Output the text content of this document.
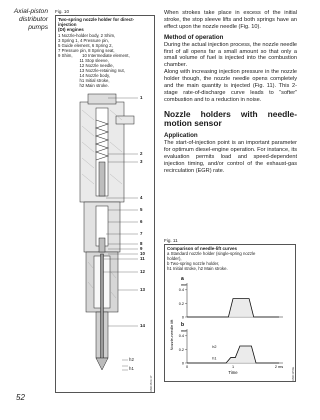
Axial-piston
distributor
pumps
Fig. 10
Two-spring nozzle holder for direct-injection
(DI) engines
1 Nozzle-holder body, 2 Shim,
3 Spring 1, 4 Pressure pin,
5 Guide element, 6 Spring 2,
7 Pressure pin, 8 Spring seat,
9 Shim,        10 Intermediate element,
11 Stop sleeve,
12 Nozzle needle,
13 Nozzle-retaining nut,
14 Nozzle body,
h1 Initial stroke,
h2 Main stroke.
1
2
3
4
5
6
7
8
9
10
11
12
13
14
h2
h1
UMK1563-1Y

When strokes take place in excess of the initial stroke, the stop sleeve lifts and both springs have an effect upon the nozzle needle (Fig. 10).

Method of operation

During the actual injection process, the nozzle needle first of all opens far a small amount so that only a small volume of fuel is injected into the combustion chamber.

Along with increasing injection pressure in the nozzle holder though, the nozzle needle opens completely and the main quantity is injected (Fig. 11). This 2-stage rate-of-discharge curve leads to “softer” combustion and to a reduction in noise.

Nozzle holders with needle-motion sensor
Application

The start-of-injection point is an important parameter for optimum diesel-engine operation. For instance, its evaluation permits load and speed-dependent injection timing, and/or control of the exhaust-gas recirculation (EGR) rate.

Fig. 11
Comparison of needle-lift curves
a Standard nozzle holder (single-spring nozzle
holder),
b Two-spring nozzle holder,
h1 Initial stroke, h2 Main stroke.
a
mm
0.4
0.2
0
b
mm
0.4
0.2
0
h1
h2
0	1	2 ms
Time
Nozzle-needle lift
UMK1356E
52
